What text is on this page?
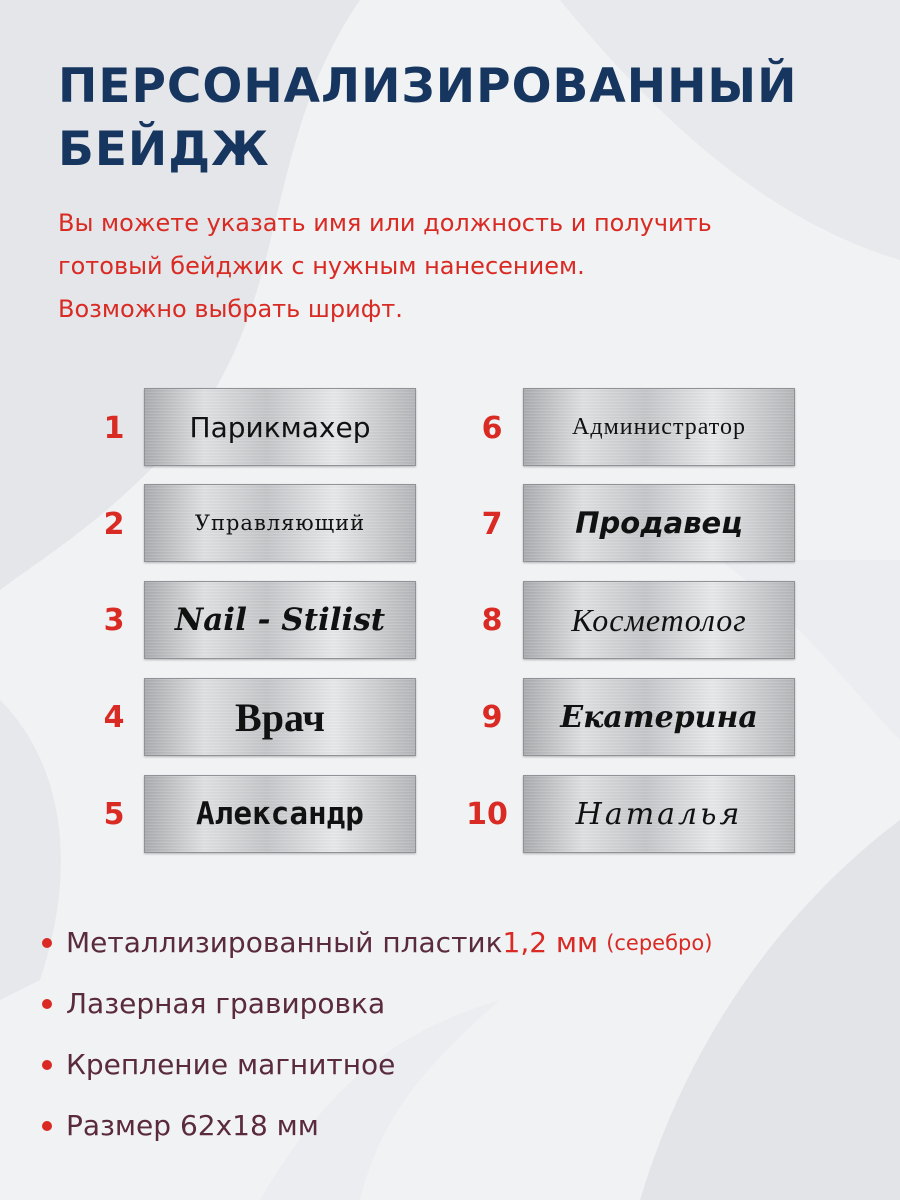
ПЕРСОНАЛИЗИРОВАННЫЙ
БЕЙДЖ

Вы можете указать имя или должность и получить
готовый бейджик с нужным нанесением.
Возможно выбрать шрифт.

1	Парикмахер
2	Управляющий
3	Nail - Stilist
4	Врач
5	Александр
6	Администратор
7	Продавец
8	Косметолог
9	Екатерина
10	Наталья
Металлизированный пластик 1,2 мм (серебро)
Лазерная гравировка
Крепление магнитное
Размер 62х18 мм
